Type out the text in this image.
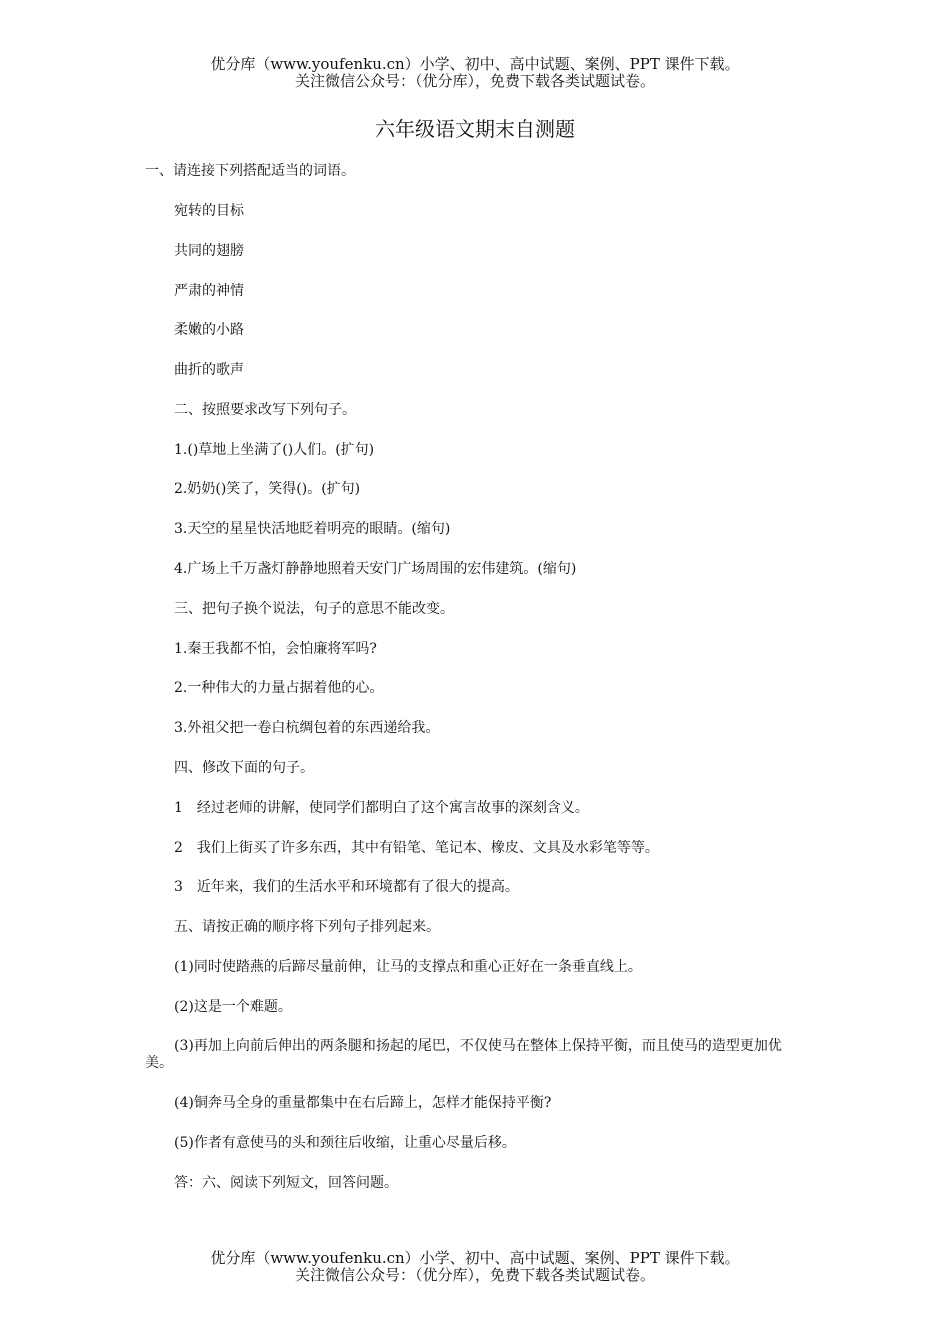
优分库（www.youfenku.cn）小学、初中、高中试题、案例、PPT 课件下载。
关注微信公众号：（优分库），免费下载各类试题试卷。
六年级语文期末自测题
一、请连接下列搭配适当的词语。
宛转的目标
共同的翅膀
严肃的神情
柔嫩的小路
曲折的歌声
二、按照要求改写下列句子。
1.()草地上坐满了()人们。(扩句)
2.奶奶()笑了，笑得()。(扩句)
3.天空的星星快活地眨着明亮的眼睛。(缩句)
4.广场上千万盏灯静静地照着天安门广场周围的宏伟建筑。(缩句)
三、把句子换个说法，句子的意思不能改变。
1.秦王我都不怕，会怕廉将军吗?
2.一种伟大的力量占据着他的心。
3.外祖父把一卷白杭绸包着的东西递给我。
四、修改下面的句子。
1　经过老师的讲解，使同学们都明白了这个寓言故事的深刻含义。
2　我们上街买了许多东西，其中有铅笔、笔记本、橡皮、文具及水彩笔等等。
3　近年来，我们的生活水平和环境都有了很大的提高。
五、请按正确的顺序将下列句子排列起来。
(1)同时使踏燕的后蹄尽量前伸，让马的支撑点和重心正好在一条垂直线上。
(2)这是一个难题。
(3)再加上向前后伸出的两条腿和扬起的尾巴，不仅使马在整体上保持平衡，而且使马的造型更加优美。
(4)铜奔马全身的重量都集中在右后蹄上，怎样才能保持平衡?
(5)作者有意使马的头和颈往后收缩，让重心尽量后移。
答：六、阅读下列短文，回答问题。
优分库（www.youfenku.cn）小学、初中、高中试题、案例、PPT 课件下载。
关注微信公众号：（优分库），免费下载各类试题试卷。
